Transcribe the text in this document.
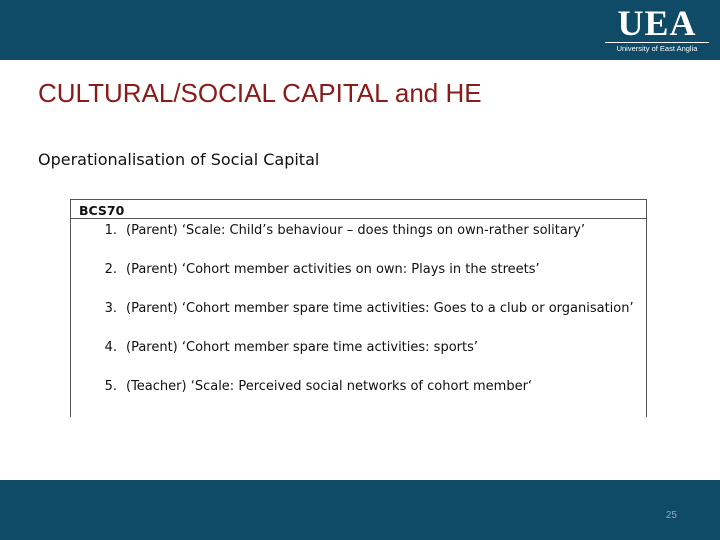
UEA
University of East Anglia
CULTURAL/SOCIAL CAPITAL and HE
Operationalisation of Social Capital
BCS70
1. (Parent) ‘Scale: Child’s behaviour – does things on own-rather solitary’
2. (Parent) ‘Cohort member activities on own: Plays in the streets’
3. (Parent) ‘Cohort member spare time activities: Goes to a club or organisation’
4. (Parent) ‘Cohort member spare time activities: sports’
5. (Teacher) ‘Scale: Perceived social networks of cohort member‘
25
